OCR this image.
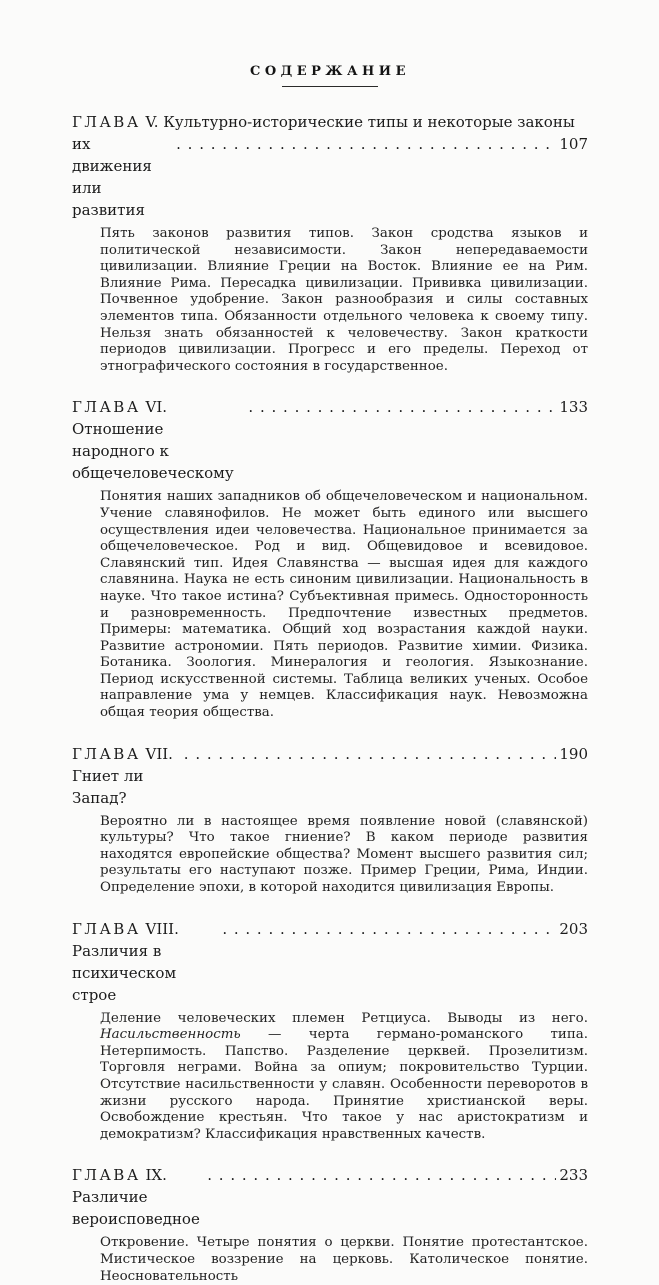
СОДЕРЖАНИЕ
ГЛАВА V. Культурно-исторические типы и некоторые законы
их движения или развития
. . .
107

Пять законов развития типов. Закон сродства языков и политической независимости. Закон непередаваемости цивилизации. Влияние Греции на Восток. Влияние ее на Рим. Влияние Рима. Пересадка цивилизации. Прививка цивилизации. Почвенное удобрение. Закон разнообразия и силы составных элементов типа. Обязанности отдельного человека к своему типу. Нельзя знать обязанностей к человечеству. Закон краткости периодов цивилизации. Прогресс и его пределы. Переход от этнографического состояния в государственное.

ГЛАВА VI. Отношение народного к общечеловеческому
. . .
133

Понятия наших западников об общечеловеческом и национальном. Учение славянофилов. Не может быть единого или высшего осуществления идеи человечества. Национальное принимается за общечеловеческое. Род и вид. Общевидовое и всевидовое. Славянский тип. Идея Славянства — высшая идея для каждого славянина. Наука не есть синоним цивилизации. Национальность в науке. Что такое истина? Субъективная примесь. Односторонность и разновременность. Предпочтение известных предметов. Примеры: математика. Общий ход возрастания каждой науки. Развитие астрономии. Пять периодов. Развитие химии. Физика. Ботаника. Зоология. Минералогия и геология. Языкознание. Период искусственной системы. Таблица великих ученых. Особое направление ума у немцев. Классификация наук. Невозможна общая теория общества.

ГЛАВА VII. Гниет ли Запад?
. . .
190

Вероятно ли в настоящее время появление новой (славянской) культуры? Что такое гниение? В каком периоде развития находятся европейские общества? Момент высшего развития сил; результаты его наступают позже. Пример Греции, Рима, Индии. Определение эпохи, в которой находится цивилизация Европы.

ГЛАВА VIII. Различия в психическом строе
. . .
203

Деление человеческих племен Ретциуса. Выводы из него. Насильственность — черта германо-романского типа. Нетерпимость. Папство. Разделение церквей. Прозелитизм. Торговля неграми. Война за опиум; покровительство Турции. Отсутствие насильственности у славян. Особенности переворотов в жизни русского народа. Принятие христианской веры. Освобождение крестьян. Что такое у нас аристократизм и демократизм? Классификация нравственных качеств.

ГЛАВА IX. Различие вероисповедное
. . .
233

Откровение. Четыре понятия о церкви. Понятие протестантское. Мистическое воззрение на церковь. Католическое понятие. Неосновательность
